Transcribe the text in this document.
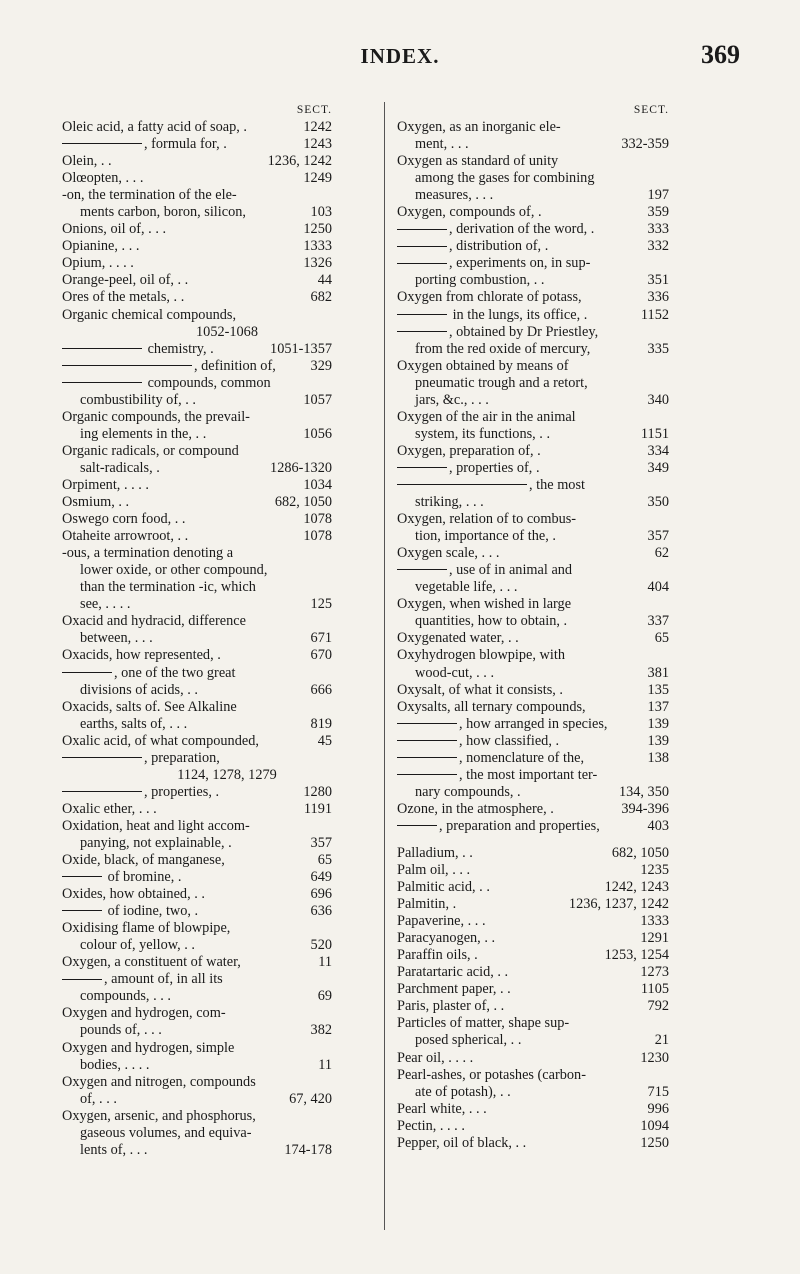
INDEX.	369
SECT.
Oleic acid, a fatty acid of soap, .	1242
, formula for, .	1243
Olein, . .	1236, 1242
Olœopten, . . .	1249
-on, the termination of the ele-
ments carbon, boron, silicon,	103
Onions, oil of, . . .	1250
Opianine, . . .	1333
Opium, . . . .	1326
Orange-peel, oil of, . .	44
Ores of the metals, . .	682
Organic chemical compounds,
1052-1068
chemistry, .	1051-1357
, definition of,	329
compounds, common
combustibility of, . .	1057
Organic compounds, the prevail-
ing elements in the, . .	1056
Organic radicals, or compound
salt-radicals, .	1286-1320
Orpiment, . . . .	1034
Osmium, . .	682, 1050
Oswego corn food, . .	1078
Otaheite arrowroot, . .	1078
-ous, a termination denoting a
lower oxide, or other compound,
than the termination -ic, which
see, . . . .	125
Oxacid and hydracid, difference
between, . . .	671
Oxacids, how represented, .	670
, one of the two great
divisions of acids, . .	666
Oxacids, salts of. See Alkaline
earths, salts of, . . .	819
Oxalic acid, of what compounded,	45
, preparation,
1124, 1278, 1279
, properties, .	1280
Oxalic ether, . . .	1191
Oxidation, heat and light accom-
panying, not explainable, .	357
Oxide, black, of manganese,	65
of bromine, .	649
Oxides, how obtained, . .	696
of iodine, two, .	636
Oxidising flame of blowpipe,
colour of, yellow, . .	520
Oxygen, a constituent of water,	11
, amount of, in all its
compounds, . . .	69
Oxygen and hydrogen, com-
pounds of, . . .	382
Oxygen and hydrogen, simple
bodies, . . . .	11
Oxygen and nitrogen, compounds
of, . . .	67, 420
Oxygen, arsenic, and phosphorus,
gaseous volumes, and equiva-
lents of, . . .	174-178
SECT.
Oxygen, as an inorganic ele-
ment, . . .	332-359
Oxygen as standard of unity
among the gases for combining
measures, . . .	197
Oxygen, compounds of, .	359
, derivation of the word, .	333
, distribution of, .	332
, experiments on, in sup-
porting combustion, . .	351
Oxygen from chlorate of potass,	336
in the lungs, its office, .	1152
, obtained by Dr Priestley,
from the red oxide of mercury,	335
Oxygen obtained by means of
pneumatic trough and a retort,
jars, &c., . . .	340
Oxygen of the air in the animal
system, its functions, . .	1151
Oxygen, preparation of, .	334
, properties of, .	349
, the most
striking, . . .	350
Oxygen, relation of to combus-
tion, importance of the, .	357
Oxygen scale, . . .	62
, use of in animal and
vegetable life, . . .	404
Oxygen, when wished in large
quantities, how to obtain, .	337
Oxygenated water, . .	65
Oxyhydrogen blowpipe, with
wood-cut, . . .	381
Oxysalt, of what it consists, .	135
Oxysalts, all ternary compounds,	137
, how arranged in species,	139
, how classified, .	139
, nomenclature of the,	138
, the most important ter-
nary compounds, .	134, 350
Ozone, in the atmosphere, .	394-396
, preparation and properties,	403
Palladium, . .	682, 1050
Palm oil, . . .	1235
Palmitic acid, . .	1242, 1243
Palmitin, .	1236, 1237, 1242
Papaverine, . . .	1333
Paracyanogen, . .	1291
Paraffin oils, .	1253, 1254
Paratartaric acid, . .	1273
Parchment paper, . .	1105
Paris, plaster of, . .	792
Particles of matter, shape sup-
posed spherical, . .	21
Pear oil, . . . .	1230
Pearl-ashes, or potashes (carbon-
ate of potash), . .	715
Pearl white, . . .	996
Pectin, . . . .	1094
Pepper, oil of black, . .	1250
